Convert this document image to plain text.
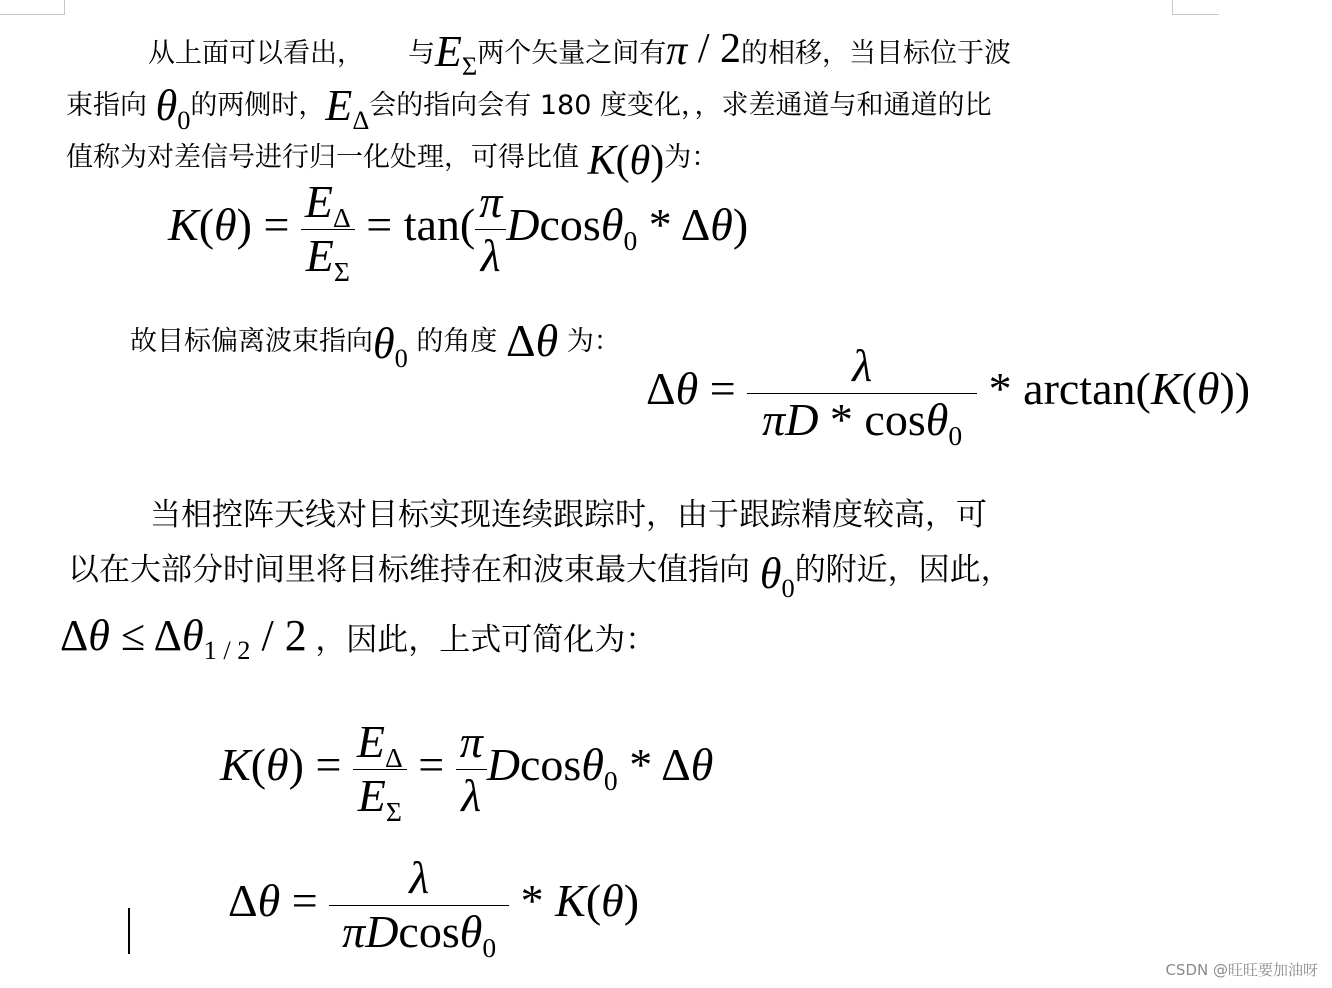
从上面可以看出， 与$E_\Sigma$两个矢量之间有π / 2的相移，当目标位于波
束指向 $\theta_0$的两侧时，$E_\Delta$会的指向会有 180 度变化，，求差通道与和通道的比
值称为对差信号进行归一化处理，可得比值 K(θ)为：
$K(\theta) = \frac{E_\Delta}{E_\Sigma} = \tan( \frac{\pi}{\lambda} Dcos\theta_0 * \Delta\theta)$
故目标偏离波束指向$\theta_0$ 的角度 Δθ 为：
$\Delta\theta = \frac{\lambda}{\pi D * \cos\theta_0} * \arctan(K(\theta))$
当相控阵天线对目标实现连续跟踪时，由于跟踪精度较高，可
以在大部分时间里将目标维持在和波束最大值指向 $\theta_0$的附近，因此，
$\Delta\theta \le \Delta\theta_{1 / 2} / 2$ ，因此，上式可简化为：
$K(\theta) = \frac{E_\Delta}{E_\Sigma} = \frac{\pi}{\lambda} Dcos\theta_0 * \Delta\theta$
$\Delta\theta = \frac{\lambda}{\pi Dcos\theta_0} * K(\theta)$
CSDN @旺旺要加油呀
